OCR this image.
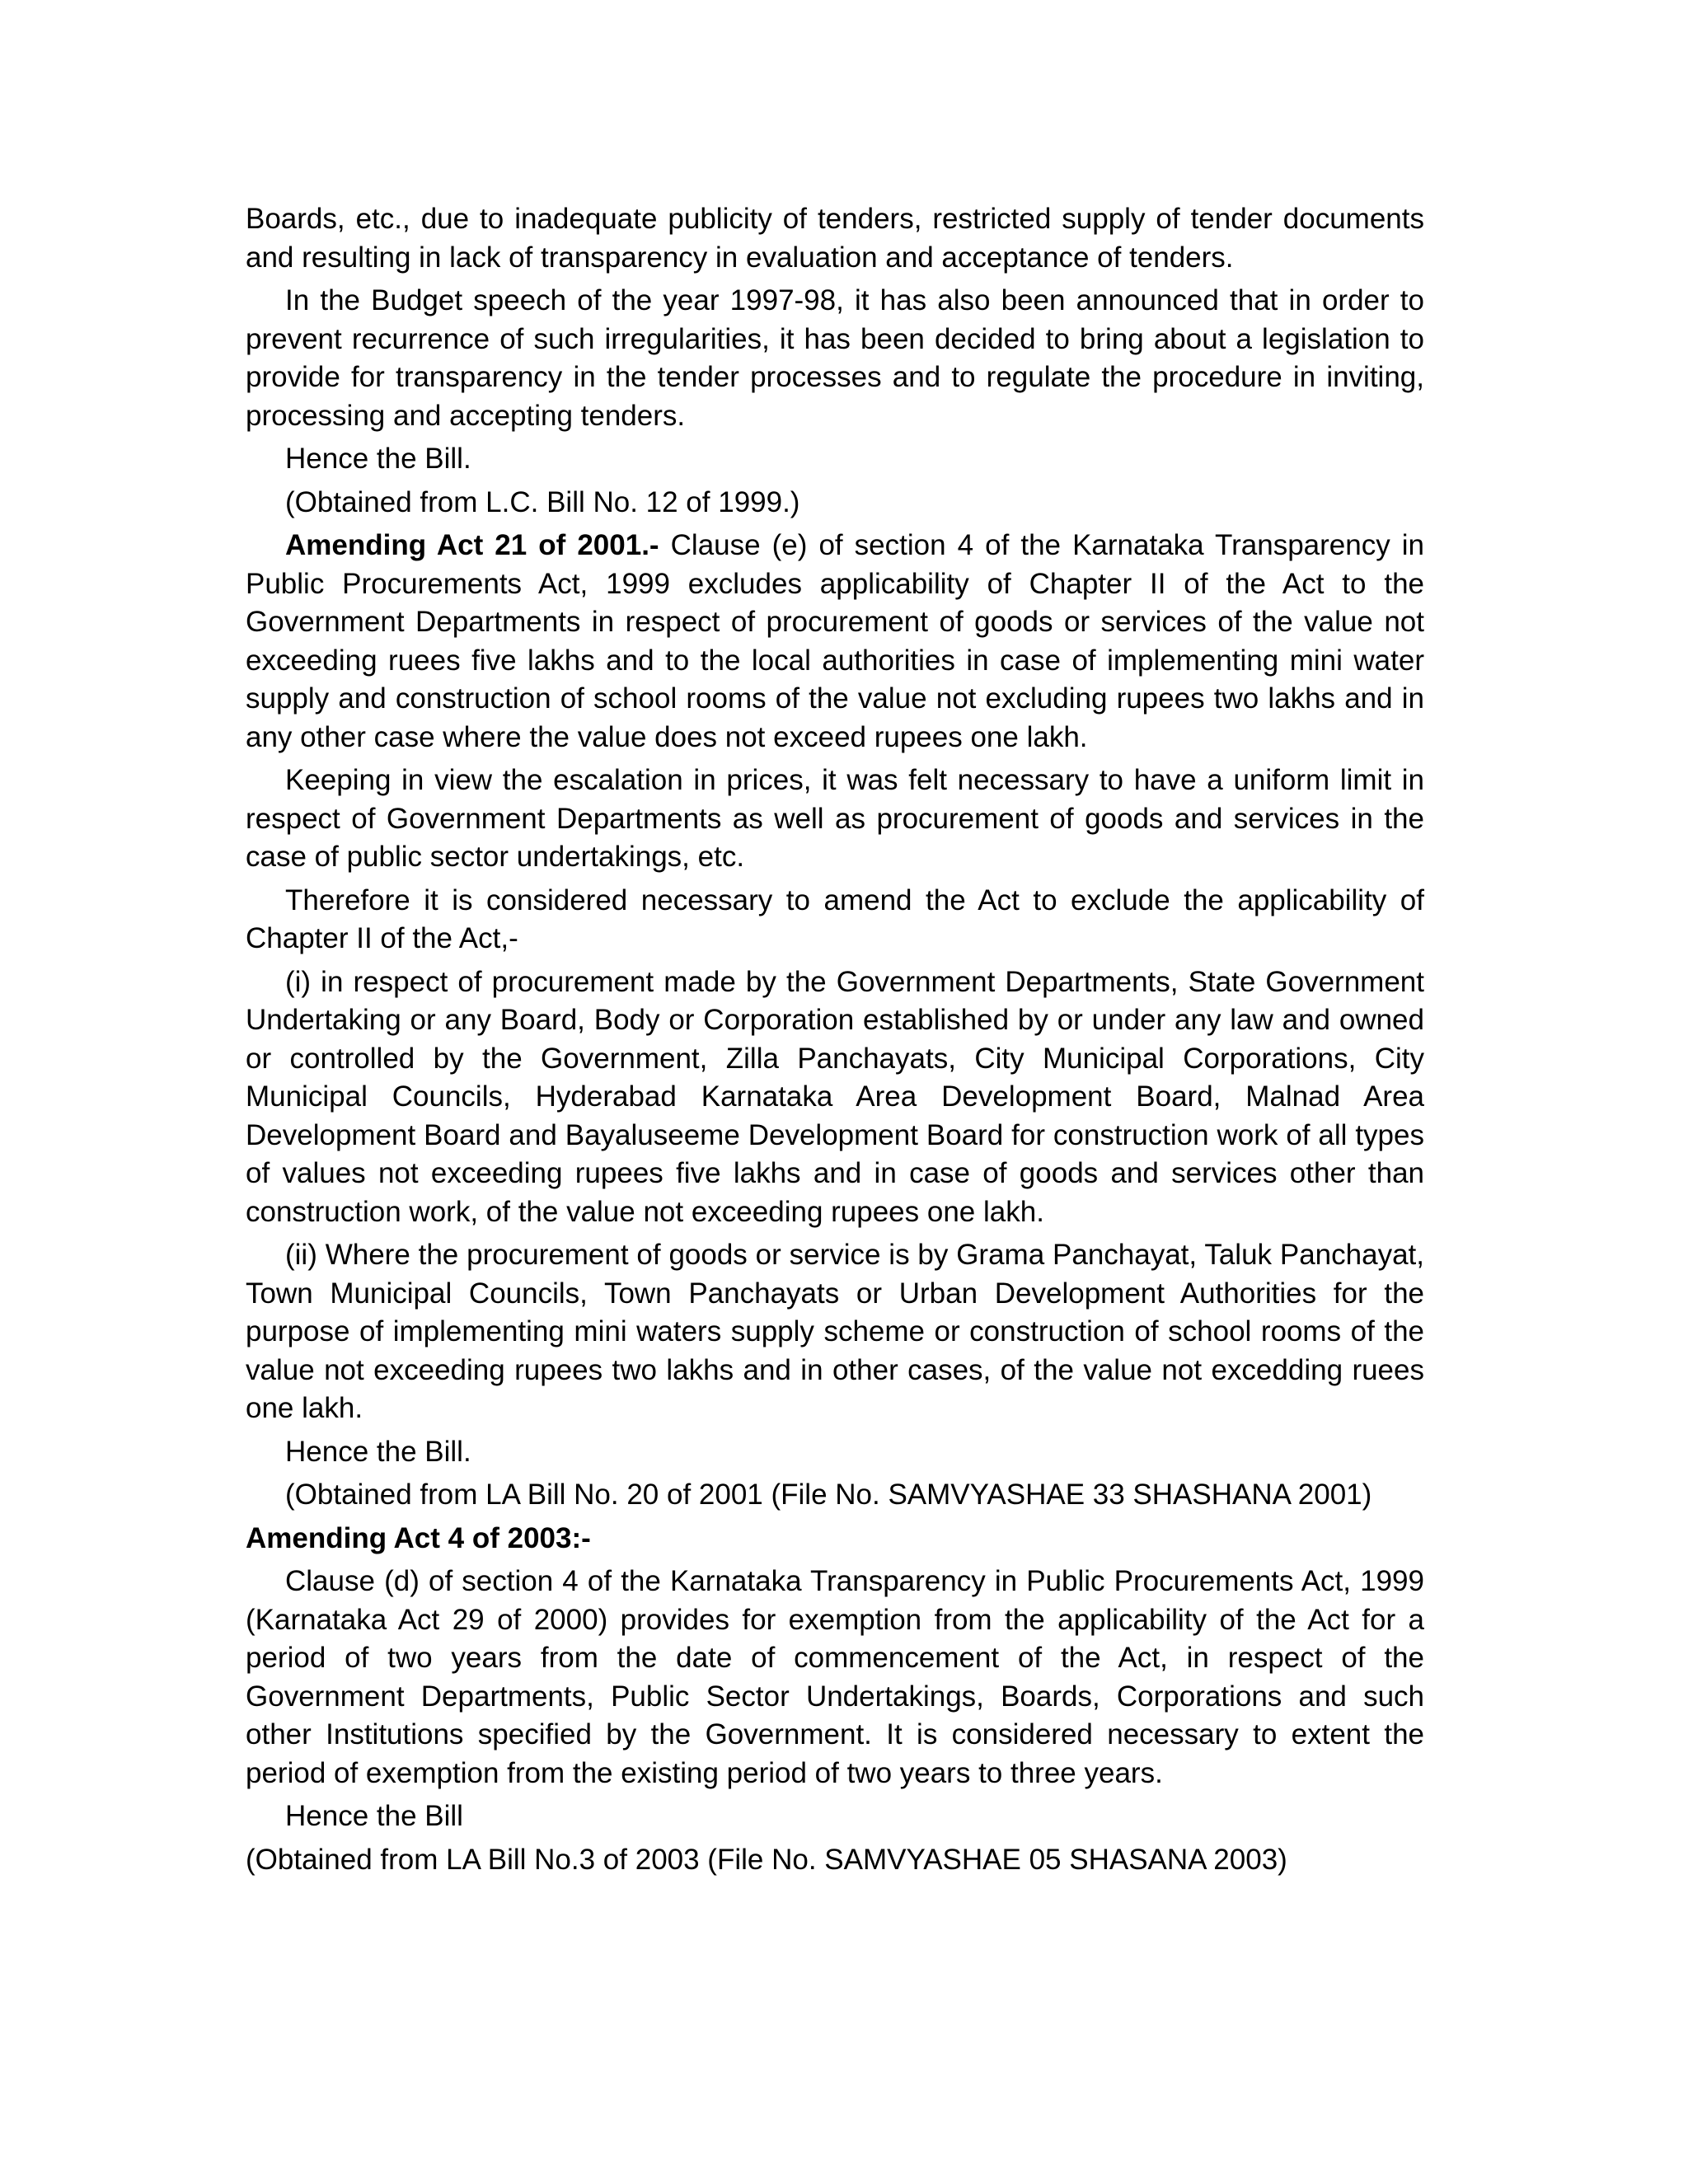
Boards, etc., due to inadequate publicity of tenders, restricted supply of tender documents and resulting in lack of transparency in evaluation and acceptance of tenders.

In the Budget speech of the year 1997-98, it has also been announced that in order to prevent recurrence of such irregularities, it has been decided to bring about a legislation to provide for transparency in the tender processes and to regulate the procedure in inviting, processing and accepting tenders.

Hence the Bill.

(Obtained from L.C. Bill No. 12 of 1999.)

Amending Act 21 of 2001.- Clause (e) of section 4 of the Karnataka Transparency in Public Procurements Act, 1999 excludes applicability of Chapter II of the Act to the Government Departments in respect of procurement of goods or services of the value not exceeding ruees five lakhs and to the local authorities in case of implementing mini water supply and construction of school rooms of the value not excluding rupees two lakhs and in any other case where the value does not exceed rupees one lakh.

Keeping in view the escalation in prices, it was felt necessary to have a uniform limit in respect of Government Departments as well as procurement of goods and services in the case of public sector undertakings, etc.

Therefore it is considered necessary to amend the Act to exclude the applicability of Chapter II of the Act,-

(i) in respect of procurement made by the Government Departments, State Government Undertaking or any Board, Body or Corporation established by or under any law and owned or controlled by the Government, Zilla Panchayats, City Municipal Corporations, City Municipal Councils, Hyderabad Karnataka Area Development Board, Malnad Area Development Board and Bayaluseeme Development Board for construction work of all types of values not exceeding rupees five lakhs and in case of goods and services other than construction work, of the value not exceeding rupees one lakh.

(ii) Where the procurement of goods or service is by Grama Panchayat, Taluk Panchayat, Town Municipal Councils, Town Panchayats or Urban Development Authorities for the purpose of implementing mini waters supply scheme or construction of school rooms of the value not exceeding rupees two lakhs and in other cases, of the value not excedding ruees one lakh.

Hence the Bill.

(Obtained from LA Bill No. 20 of 2001 (File No. SAMVYASHAE 33 SHASHANA 2001)

Amending Act 4 of 2003:-

Clause (d) of section 4 of the Karnataka Transparency in Public Procurements Act, 1999 (Karnataka Act 29 of 2000) provides for exemption from the applicability of the Act for a period of two years from the date of commencement of the Act, in respect of the Government Departments, Public Sector Undertakings, Boards, Corporations and such other Institutions specified by the Government. It is considered necessary to extent the period of exemption from the existing period of two years to three years.

Hence the Bill

(Obtained from LA Bill No.3 of 2003 (File No. SAMVYASHAE 05 SHASANA 2003)
